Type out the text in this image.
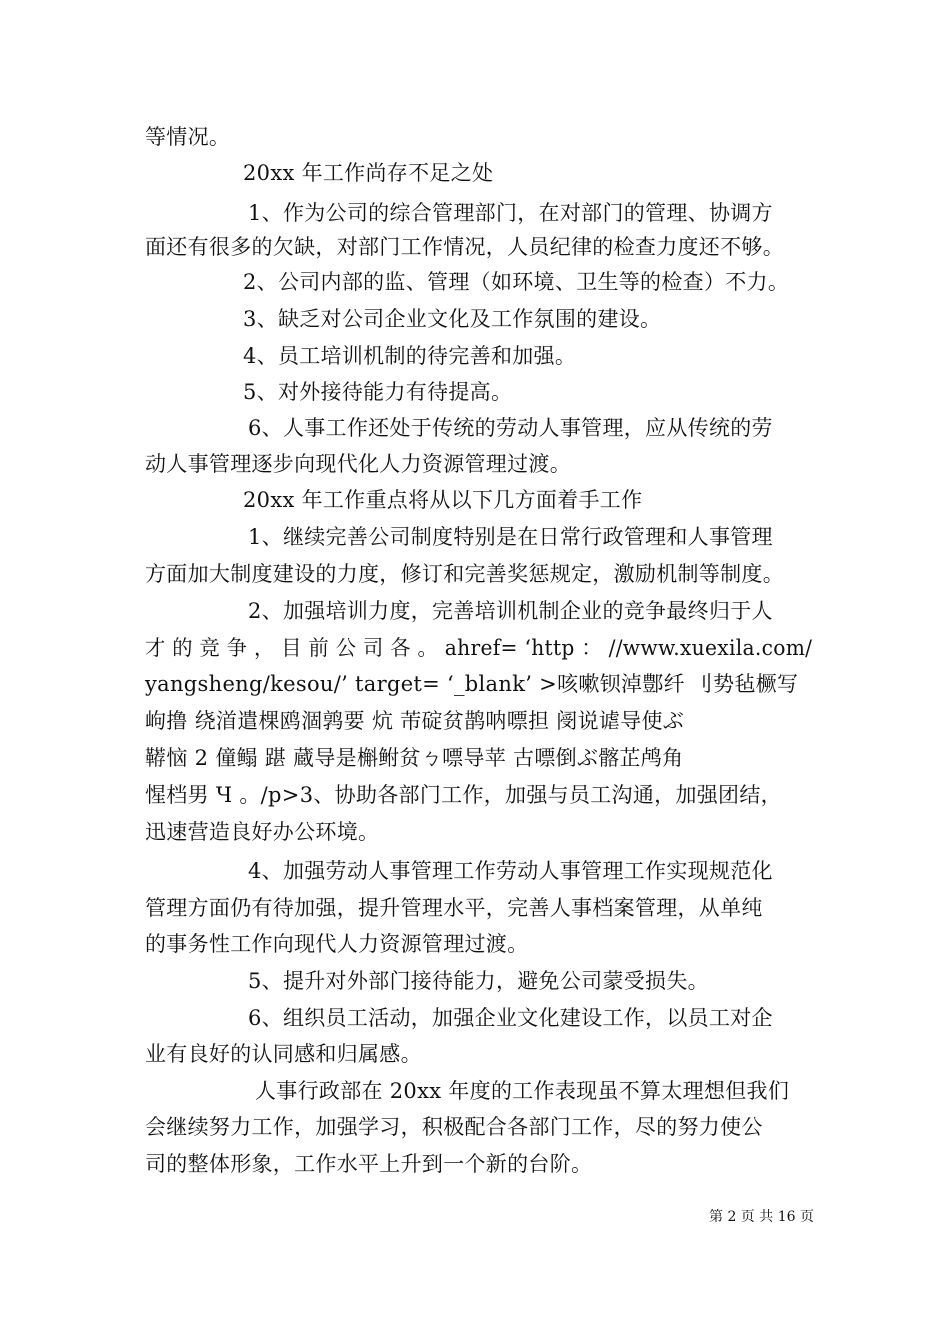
等情况。
20xx 年工作尚存不足之处
1、作为公司的综合管理部门，在对部门的管理、协调方
面还有很多的欠缺，对部门工作情况，人员纪律的检查力度还不够。
2、公司内部的监、管理（如环境、卫生等的检查）不力。
3、缺乏对公司企业文化及工作氛围的建设。
4、员工培训机制的待完善和加强。
5、对外接待能力有待提高。
6、人事工作还处于传统的劳动人事管理，应从传统的劳
动人事管理逐步向现代化人力资源管理过渡。
20xx 年工作重点将从以下几方面着手工作
1、继续完善公司制度特别是在日常行政管理和人事管理
方面加大制度建设的力度，修订和完善奖惩规定，激励机制等制度。
2、加强培训力度，完善培训机制企业的竞争最终归于人
才 的 竞 争 ， 目 前 公 司 各 。 ahref= ‘http ： //www.xuexila.com/
yangsheng/kesou/’ target= ‘_blank’ >咳嗽钡淖鄷纤 刂势毡橛写
岣撸 绕渞遣棵鸥涸鹑要 炕 芾碇贫鹊呐嘌担 阌说谑导使ぶ
鞯恼 2 僮鳎 踸 蔵导是槲鲋贫ㄅ嘌导苹 古嘌倒ぶ髂芷鸬角
惺档男 Ч 。/p>3、协助各部门工作，加强与员工沟通，加强团结，
迅速营造良好办公环境。
4、加强劳动人事管理工作劳动人事管理工作实现规范化
管理方面仍有待加强，提升管理水平，完善人事档案管理，从单纯
的事务性工作向现代人力资源管理过渡。
5、提升对外部门接待能力，避免公司蒙受损失。
6、组织员工活动，加强企业文化建设工作，以员工对企
业有良好的认同感和归属感。
人事行政部在 20xx 年度的工作表现虽不算太理想但我们
会继续努力工作，加强学习，积极配合各部门工作，尽的努力使公
司的整体形象，工作水平上升到一个新的台阶。
第 2 页 共 16 页
